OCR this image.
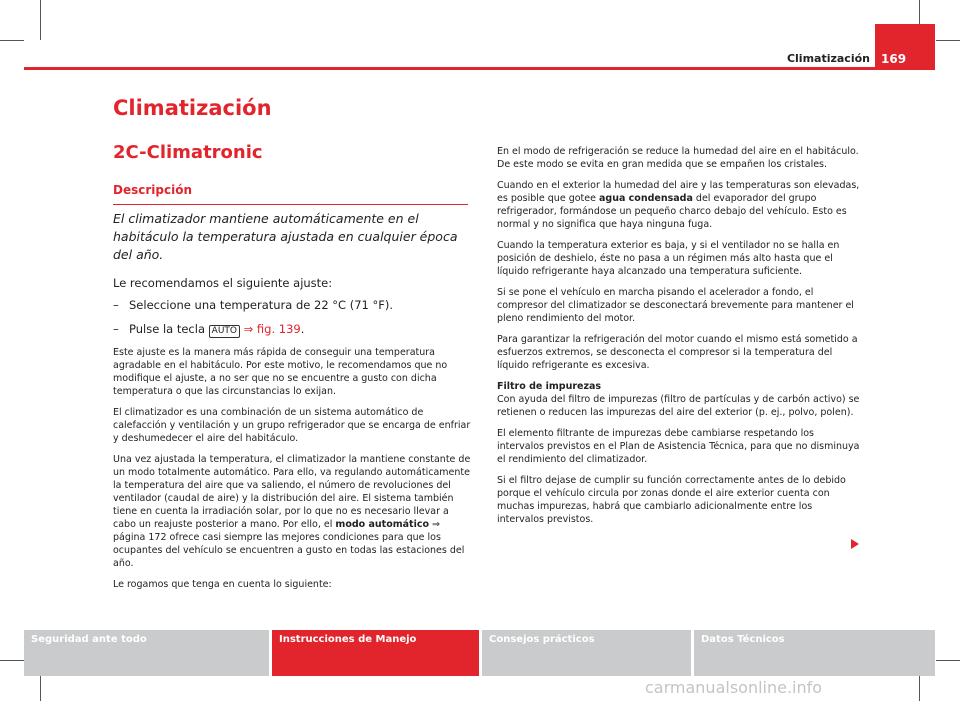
Climatización 169
Climatización
2C-Climatronic
Descripción

El climatizador mantiene automáticamente en el habitáculo la temperatura ajustada en cualquier época del año.

Le recomendamos el siguiente ajuste:

– Seleccione una temperatura de 22 °C (71 °F).

– Pulse la tecla AUTO ⇒ fig. 139.

Este ajuste es la manera más rápida de conseguir una temperatura agradable en el habitáculo. Por este motivo, le recomendamos que no modifique el ajuste, a no ser que no se encuentre a gusto con dicha temperatura o que las circunstancias lo exijan.

El climatizador es una combinación de un sistema automático de calefacción y ventilación y un grupo refrigerador que se encarga de enfriar y deshumedecer el aire del habitáculo.

Una vez ajustada la temperatura, el climatizador la mantiene constante de un modo totalmente automático. Para ello, va regulando automáticamente la temperatura del aire que va saliendo, el número de revoluciones del ventilador (caudal de aire) y la distribución del aire. El sistema también tiene en cuenta la irradiación solar, por lo que no es necesario llevar a cabo un reajuste posterior a mano. Por ello, el modo automático ⇒ página 172 ofrece casi siempre las mejores condiciones para que los ocupantes del vehículo se encuentren a gusto en todas las estaciones del año.

Le rogamos que tenga en cuenta lo siguiente:

En el modo de refrigeración se reduce la humedad del aire en el habitáculo. De este modo se evita en gran medida que se empañen los cristales.

Cuando en el exterior la humedad del aire y las temperaturas son elevadas, es posible que gotee agua condensada del evaporador del grupo refrigerador, formándose un pequeño charco debajo del vehículo. Esto es normal y no significa que haya ninguna fuga.

Cuando la temperatura exterior es baja, y si el ventilador no se halla en posición de deshielo, éste no pasa a un régimen más alto hasta que el líquido refrigerante haya alcanzado una temperatura suficiente.

Si se pone el vehículo en marcha pisando el acelerador a fondo, el compresor del climatizador se desconectará brevemente para mantener el pleno rendimiento del motor.

Para garantizar la refrigeración del motor cuando el mismo está sometido a esfuerzos extremos, se desconecta el compresor si la temperatura del líquido refrigerante es excesiva.

Filtro de impurezas

Con ayuda del filtro de impurezas (filtro de partículas y de carbón activo) se retienen o reducen las impurezas del aire del exterior (p. ej., polvo, polen).

El elemento filtrante de impurezas debe cambiarse respetando los intervalos previstos en el Plan de Asistencia Técnica, para que no disminuya el rendimiento del climatizador.

Si el filtro dejase de cumplir su función correctamente antes de lo debido porque el vehículo circula por zonas donde el aire exterior cuenta con muchas impurezas, habrá que cambiarlo adicionalmente entre los intervalos previstos.

Seguridad ante todo	Instrucciones de Manejo	Consejos prácticos	Datos Técnicos
carmanualsonline.info
